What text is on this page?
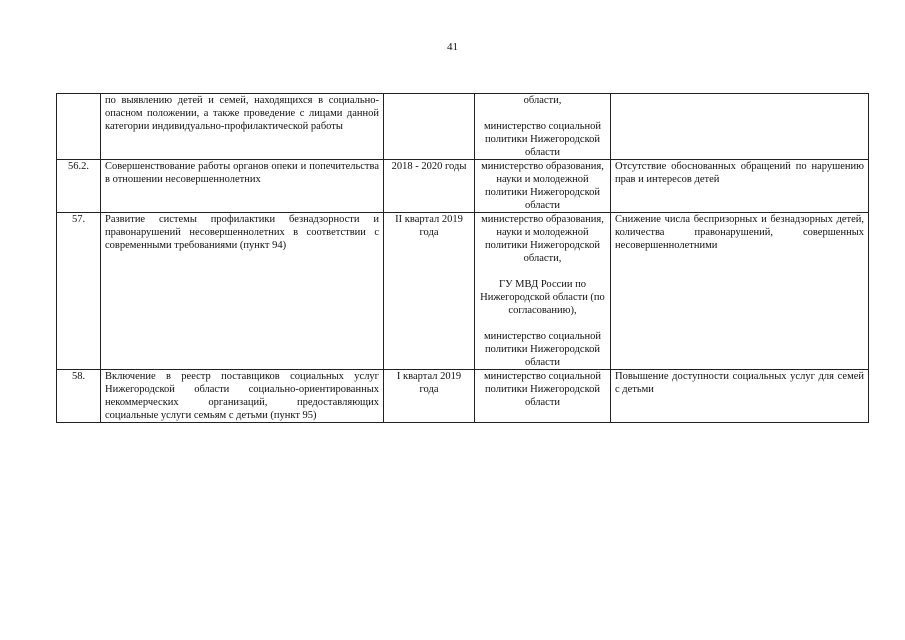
41
	по выявлению детей и семей, находящихся в социально-опасном положении, а также проведение с лицами данной категории индивидуально-профилактической работы		области,
министерство социальной политики Нижегородской области	

56.2.	Совершенствование работы органов опеки и попечительства в отношении несовершеннолетних	2018 - 2020 годы	министерство образования, науки и молодежной политики Нижегородской области	Отсутствие обоснованных обращений по нарушению прав и интересов детей
57.	Развитие системы профилактики безнадзорности и правонарушений несовершеннолетних в соответствии с современными требованиями (пункт 94)	II квартал 2019 года	министерство образования, науки и молодежной политики Нижегородской области,
ГУ МВД России по Нижегородской области (по согласованию),
министерство социальной политики Нижегородской области	Снижение числа беспризорных и безнадзорных детей, количества правонарушений, совершенных несовершеннолетними
58.	Включение в реестр поставщиков социальных услуг Нижегородской области социально-ориентированных некоммерческих организаций, предоставляющих социальные услуги семьям с детьми (пункт 95)	I квартал 2019 года	министерство социальной политики Нижегородской области	Повышение доступности социальных услуг для семей с детьми
